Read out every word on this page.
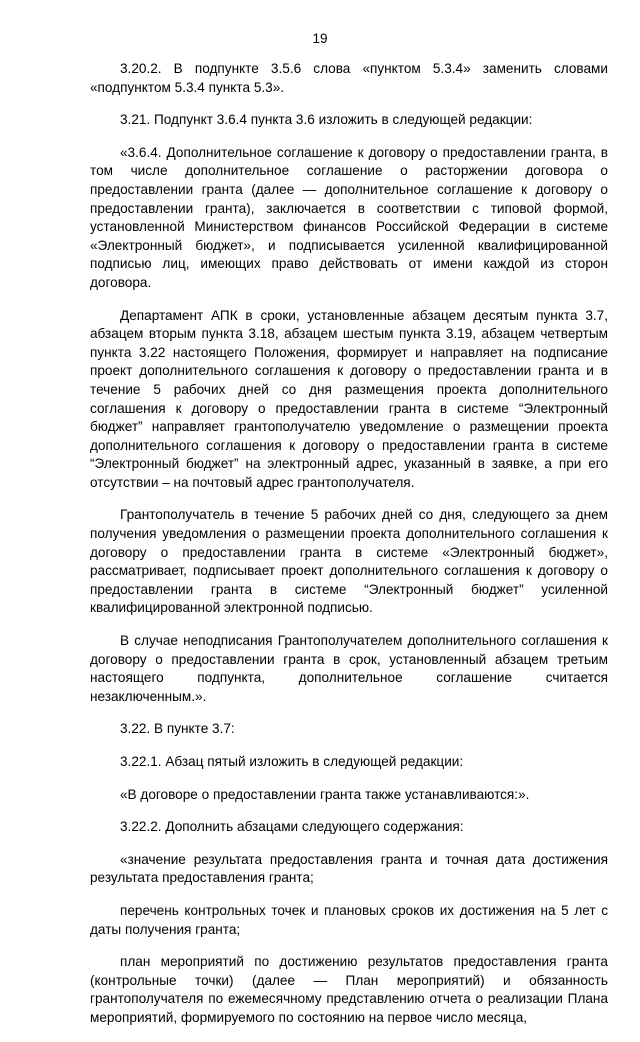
19

3.20.2. В подпункте 3.5.6 слова «пунктом 5.3.4» заменить словами «подпунктом 5.3.4 пункта 5.3».

3.21. Подпункт 3.6.4 пункта 3.6 изложить в следующей редакции:

«3.6.4. Дополнительное соглашение к договору о предоставлении гранта, в том числе дополнительное соглашение о расторжении договора о предоставлении гранта (далее — дополнительное соглашение к договору о предоставлении гранта), заключается в соответствии с типовой формой, установленной Министерством финансов Российской Федерации в системе «Электронный бюджет», и подписывается усиленной квалифицированной подписью лиц, имеющих право действовать от имени каждой из сторон договора.

Департамент АПК в сроки, установленные абзацем десятым пункта 3.7, абзацем вторым пункта 3.18, абзацем шестым пункта 3.19, абзацем четвертым пункта 3.22 настоящего Положения, формирует и направляет на подписание проект дополнительного соглашения к договору о предоставлении гранта и в течение 5 рабочих дней со дня размещения проекта дополнительного соглашения к договору о предоставлении гранта в системе “Электронный бюджет” направляет грантополучателю уведомление о размещении проекта дополнительного соглашения к договору о предоставлении гранта в системе “Электронный бюджет” на электронный адрес, указанный в заявке, а при его отсутствии – на почтовый адрес грантополучателя.

Грантополучатель в течение 5 рабочих дней со дня, следующего за днем получения уведомления о размещении проекта дополнительного соглашения к договору о предоставлении гранта в системе «Электронный бюджет», рассматривает, подписывает проект дополнительного соглашения к договору о предоставлении гранта в системе “Электронный бюджет” усиленной квалифицированной электронной подписью.

В случае неподписания Грантополучателем дополнительного соглашения к договору о предоставлении гранта в срок, установленный абзацем третьим настоящего подпункта, дополнительное соглашение считается незаключенным.».

3.22. В пункте 3.7:

3.22.1. Абзац пятый изложить в следующей редакции:

«В договоре о предоставлении гранта также устанавливаются:».

3.22.2. Дополнить абзацами следующего содержания:

«значение результата предоставления гранта и точная дата достижения результата предоставления гранта;

перечень контрольных точек и плановых сроков их достижения на 5 лет с даты получения гранта;

план мероприятий по достижению результатов предоставления гранта (контрольные точки) (далее — План мероприятий) и обязанность грантополучателя по ежемесячному представлению отчета о реализации Плана мероприятий, формируемого по состоянию на первое число месяца,
